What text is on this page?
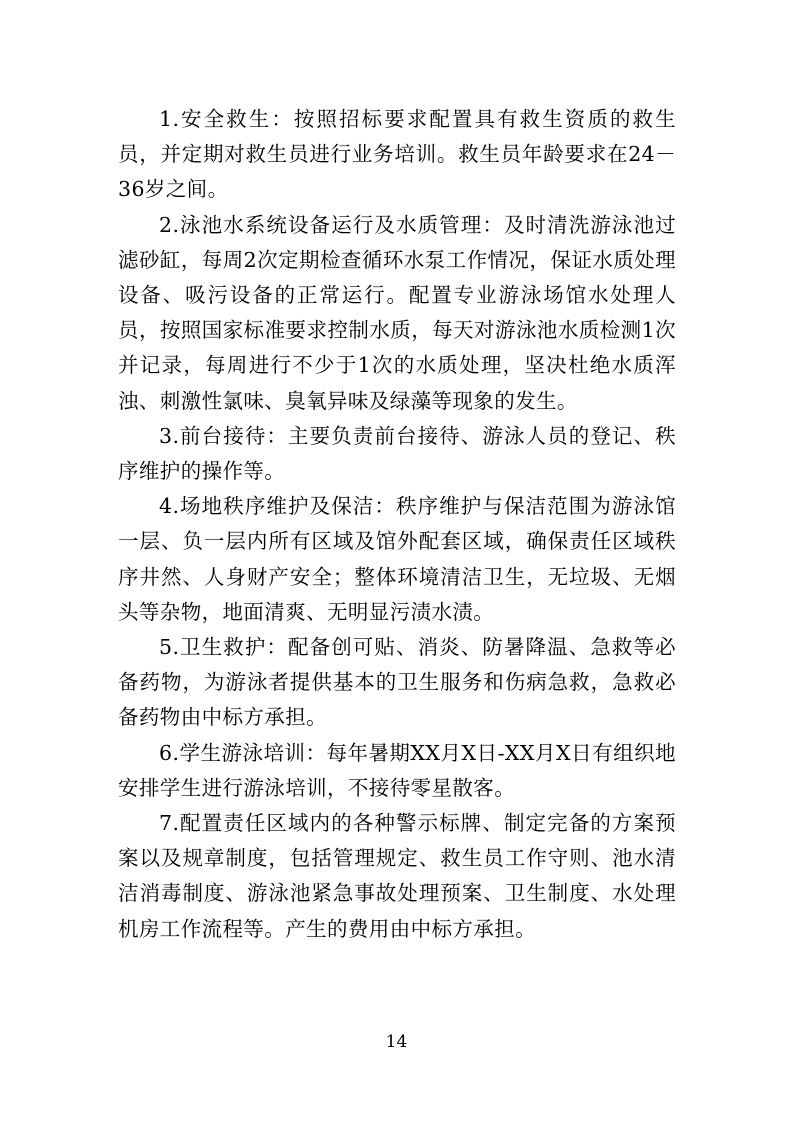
1.安全救生：按照招标要求配置具有救生资质的救生员，并定期对救生员进行业务培训。救生员年龄要求在24－36岁之间。

2.泳池水系统设备运行及水质管理：及时清洗游泳池过滤砂缸，每周2次定期检查循环水泵工作情况，保证水质处理设备、吸污设备的正常运行。配置专业游泳场馆水处理人员，按照国家标准要求控制水质，每天对游泳池水质检测1次并记录，每周进行不少于1次的水质处理，坚决杜绝水质浑浊、刺激性氯味、臭氧异味及绿藻等现象的发生。

3.前台接待：主要负责前台接待、游泳人员的登记、秩序维护的操作等。

4.场地秩序维护及保洁：秩序维护与保洁范围为游泳馆一层、负一层内所有区域及馆外配套区域，确保责任区域秩序井然、人身财产安全；整体环境清洁卫生，无垃圾、无烟头等杂物，地面清爽、无明显污渍水渍。

5.卫生救护：配备创可贴、消炎、防暑降温、急救等必备药物，为游泳者提供基本的卫生服务和伤病急救，急救必备药物由中标方承担。

6.学生游泳培训：每年暑期XX月X日-XX月X日有组织地安排学生进行游泳培训，不接待零星散客。

7.配置责任区域内的各种警示标牌、制定完备的方案预案以及规章制度，包括管理规定、救生员工作守则、池水清洁消毒制度、游泳池紧急事故处理预案、卫生制度、水处理机房工作流程等。产生的费用由中标方承担。

14
